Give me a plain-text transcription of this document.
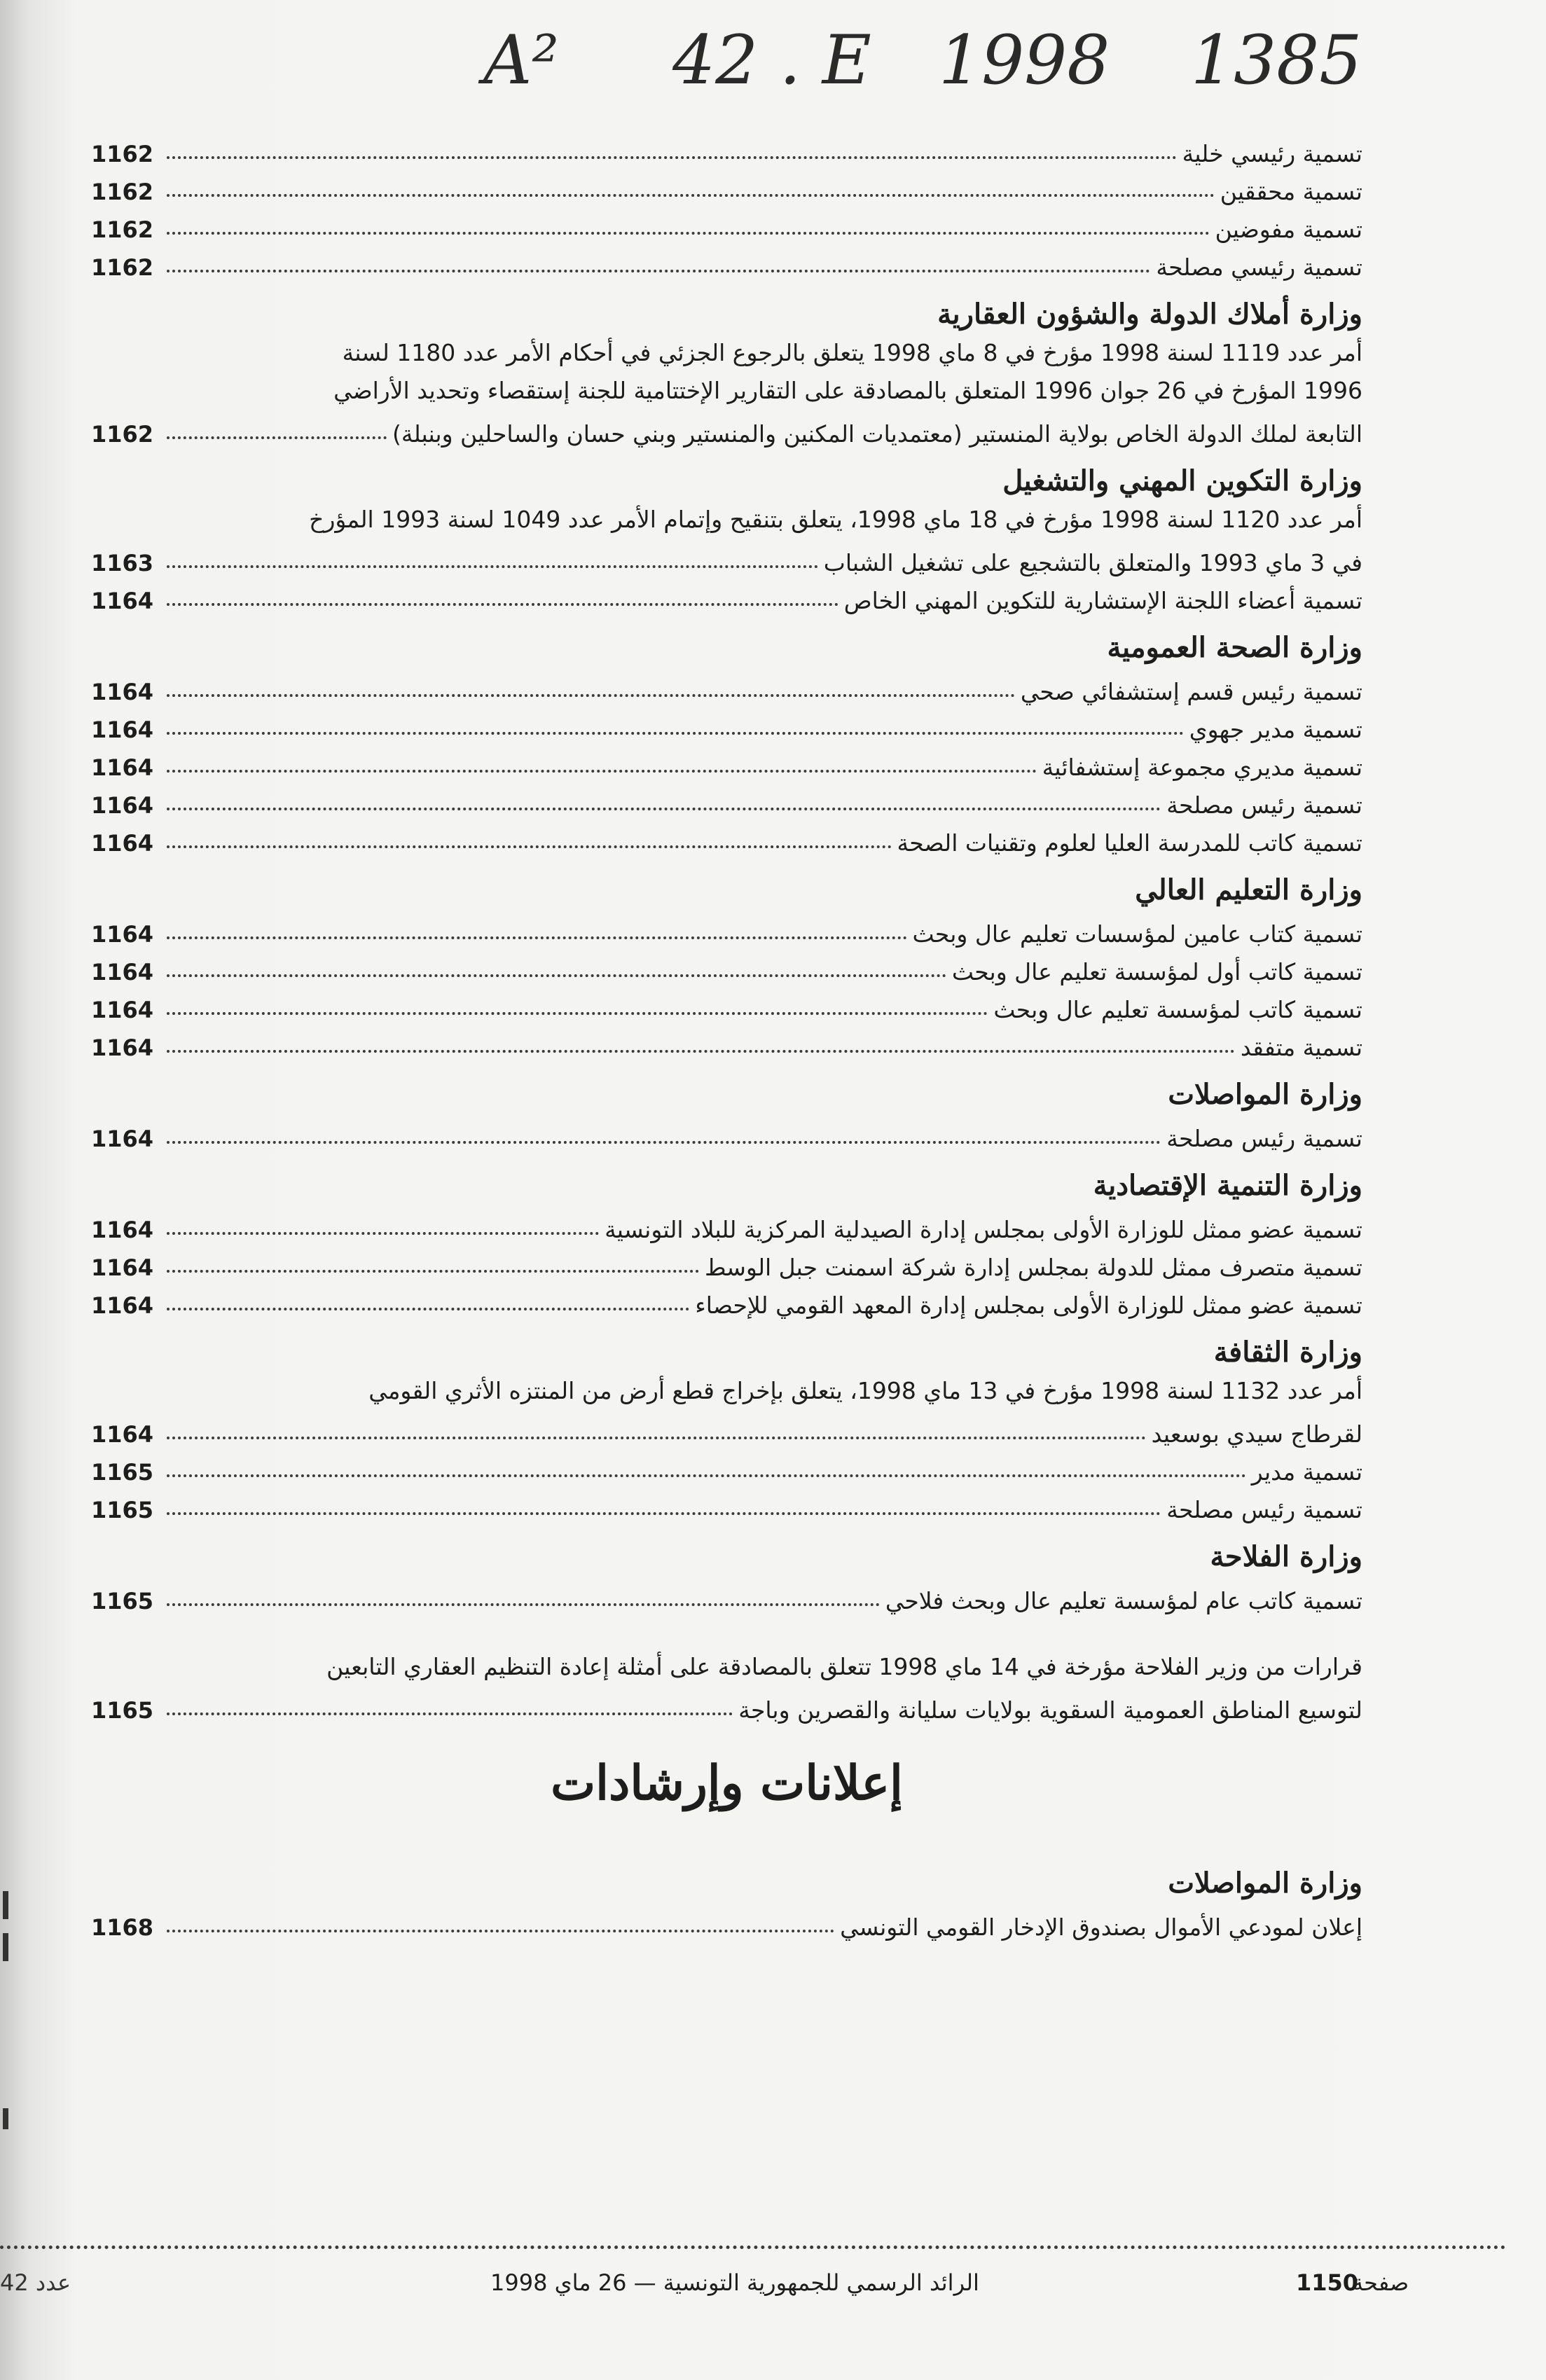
A² 42 . E 1998 1385
تسمية رئيسي خلية
1162
تسمية محققين
1162
تسمية مفوضين
1162
تسمية رئيسي مصلحة
1162
وزارة أملاك الدولة والشؤون العقارية
أمر عدد 1119 لسنة 1998 مؤرخ في 8 ماي 1998 يتعلق بالرجوع الجزئي في أحكام الأمر عدد 1180 لسنة
1996 المؤرخ في 26 جوان 1996 المتعلق بالمصادقة على التقارير الإختتامية للجنة إستقصاء وتحديد الأراضي
التابعة لملك الدولة الخاص بولاية المنستير (معتمديات المكنين والمنستير وبني حسان والساحلين وبنبلة)
1162
وزارة التكوين المهني والتشغيل
أمر عدد 1120 لسنة 1998 مؤرخ في 18 ماي 1998، يتعلق بتنقيح وإتمام الأمر عدد 1049 لسنة 1993 المؤرخ
في 3 ماي 1993 والمتعلق بالتشجيع على تشغيل الشباب
1163
تسمية أعضاء اللجنة الإستشارية للتكوين المهني الخاص
1164
وزارة الصحة العمومية
تسمية رئيس قسم إستشفائي صحي
1164
تسمية مدير جهوي
1164
تسمية مديري مجموعة إستشفائية
1164
تسمية رئيس مصلحة
1164
تسمية كاتب للمدرسة العليا لعلوم وتقنيات الصحة
1164
وزارة التعليم العالي
تسمية كتاب عامين لمؤسسات تعليم عال وبحث
1164
تسمية كاتب أول لمؤسسة تعليم عال وبحث
1164
تسمية كاتب لمؤسسة تعليم عال وبحث
1164
تسمية متفقد
1164
وزارة المواصلات
تسمية رئيس مصلحة
1164
وزارة التنمية الإقتصادية
تسمية عضو ممثل للوزارة الأولى بمجلس إدارة الصيدلية المركزية للبلاد التونسية
1164
تسمية متصرف ممثل للدولة بمجلس إدارة شركة اسمنت جبل الوسط
1164
تسمية عضو ممثل للوزارة الأولى بمجلس إدارة المعهد القومي للإحصاء
1164
وزارة الثقافة
أمر عدد 1132 لسنة 1998 مؤرخ في 13 ماي 1998، يتعلق بإخراج قطع أرض من المنتزه الأثري القومي
لقرطاج سيدي بوسعيد
1164
تسمية مدير
1165
تسمية رئيس مصلحة
1165
وزارة الفلاحة
تسمية كاتب عام لمؤسسة تعليم عال وبحث فلاحي
1165
قرارات من وزير الفلاحة مؤرخة في 14 ماي 1998 تتعلق بالمصادقة على أمثلة إعادة التنظيم العقاري التابعين
لتوسيع المناطق العمومية السقوية بولايات سليانة والقصرين وباجة
1165
إعلانات وإرشادات
وزارة المواصلات
إعلان لمودعي الأموال بصندوق الإدخار القومي التونسي
1168
صفحة
1150
الرائد الرسمي للجمهورية التونسية — 26 ماي 1998
عدد 42
